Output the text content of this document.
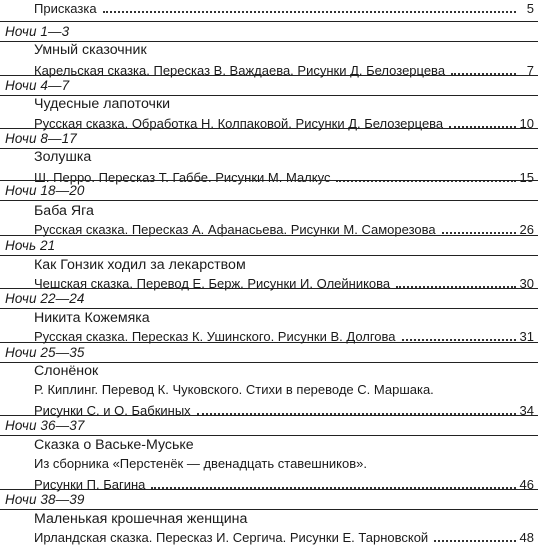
Присказка	5
Ночи 1—3
Умный сказочник
Карельская сказка. Пересказ В. Важдаева. Рисунки Д. Белозерцева	7
Ночи 4—7
Чудесные лапоточки
Русская сказка. Обработка Н. Колпаковой. Рисунки Д. Белозерцева	10
Ночи 8—17
Золушка
Ш. Перро. Пересказ Т. Габбе. Рисунки М. Малкус	15
Ночи 18—20
Баба Яга
Русская сказка. Пересказ А. Афанасьева. Рисунки М. Саморезова	26
Ночь 21
Как Гонзик ходил за лекарством
Чешская сказка. Перевод Е. Берж. Рисунки И. Олейникова	30
Ночи 22—24
Никита Кожемяка
Русская сказка. Пересказ К. Ушинского. Рисунки В. Долгова	31
Ночи 25—35
Слонёнок
Р. Киплинг. Перевод К. Чуковского. Стихи в переводе С. Маршака.
Рисунки С. и О. Бабкиных	34
Ночи 36—37
Сказка о Ваське-Муське
Из сборника «Перстенёк — двенадцать ставешников».
Рисунки П. Багина	46
Ночи 38—39
Маленькая крошечная женщина
Ирландская сказка. Пересказ И. Сергича. Рисунки Е. Тарновской	48
